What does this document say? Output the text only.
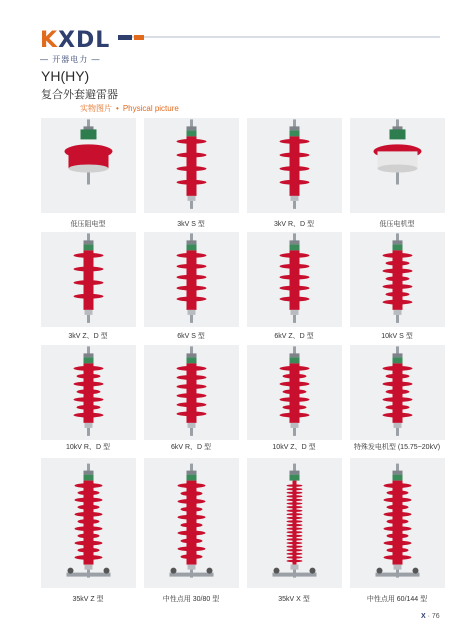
KXDL
— 开器电力 —
YH(HY)
复合外套避雷器
实物图片 • Physical picture
低压阻电型	3kV S 型	3kV R、D 型	低压电机型
3kV Z、D 型	6kV S 型	6kV Z、D 型	10kV S 型
10kV R、D 型	6kV R、D 型	10kV Z、D 型	特殊发电机型 (15.75~20kV)
35kV Z 型	中性点用 30/80 型	35kV X 型	中性点用 60/144 型
X · 76
